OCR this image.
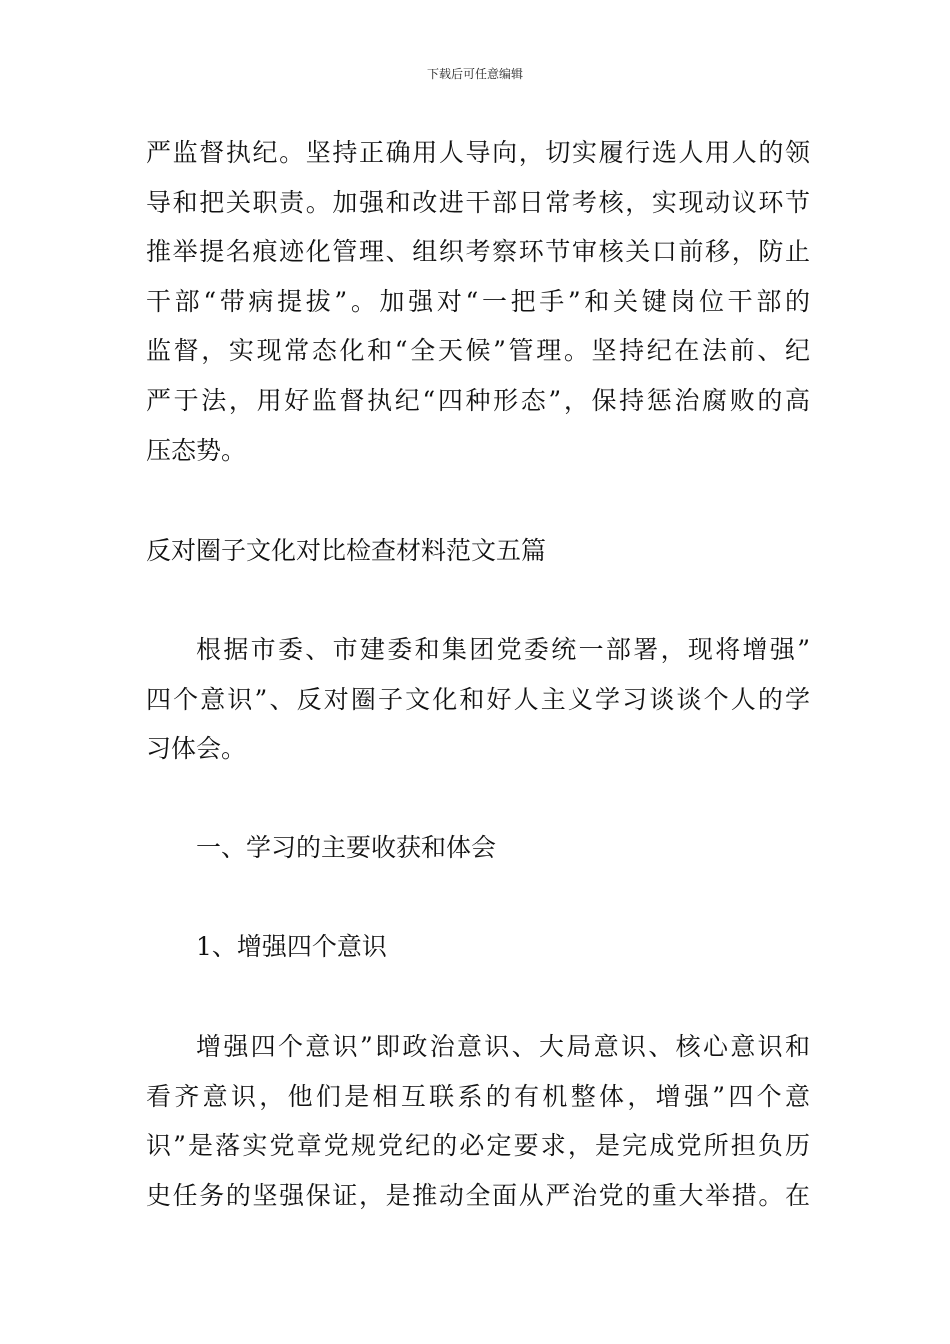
下载后可任意编辑
严监督执纪。坚持正确用人导向，切实履行选人用人的领
导和把关职责。加强和改进干部日常考核，实现动议环节
推举提名痕迹化管理、组织考察环节审核关口前移，防止
干部“带病提拔”。加强对“一把手”和关键岗位干部的
监督，实现常态化和“全天候”管理。坚持纪在法前、纪
严于法，用好监督执纪“四种形态”，保持惩治腐败的高
压态势。
反对圈子文化对比检查材料范文五篇
根据市委、市建委和集团党委统一部署，现将增强”
四个意识”、反对圈子文化和好人主义学习谈谈个人的学
习体会。
一、学习的主要收获和体会
1、增强四个意识
增强四个意识”即政治意识、大局意识、核心意识和
看齐意识，他们是相互联系的有机整体，增强”四个意
识”是落实党章党规党纪的必定要求，是完成党所担负历
史任务的坚强保证，是推动全面从严治党的重大举措。在
